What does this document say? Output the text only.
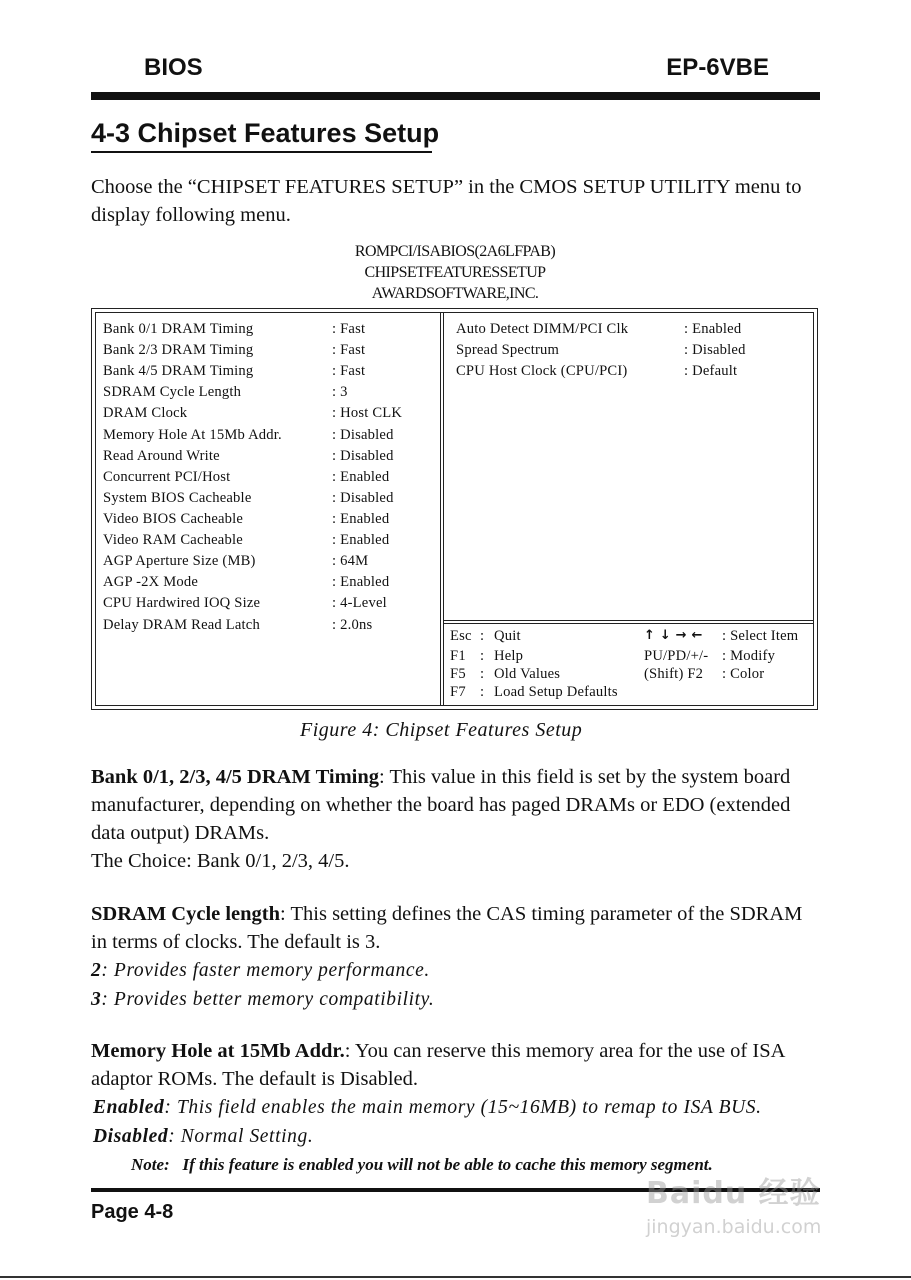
BIOS	EP-6VBE
4-3 Chipset Features Setup
Choose the “CHIPSET FEATURES SETUP” in the CMOS SETUP UTILITY menu to display following menu.
ROMPCI/ISABIOS(2A6LFPAB)
CHIPSETFEATURESSETUP
AWARDSOFTWARE,INC.
Bank 0/1 DRAM Timing	: Fast
Bank 2/3 DRAM Timing	: Fast
Bank 4/5 DRAM Timing	: Fast
SDRAM Cycle Length	: 3
DRAM Clock	: Host CLK
Memory Hole At 15Mb Addr.	: Disabled
Read Around Write	: Disabled
Concurrent PCI/Host	: Enabled
System BIOS Cacheable	: Disabled
Video BIOS Cacheable	: Enabled
Video RAM Cacheable	: Enabled
AGP Aperture Size (MB)	: 64M
AGP -2X Mode	: Enabled
CPU Hardwired IOQ Size	: 4-Level
Delay DRAM Read Latch	: 2.0ns
Auto Detect DIMM/PCI Clk	: Enabled
Spread Spectrum	: Disabled
CPU Host Clock (CPU/PCI)	: Default
Esc : Quit	↑ ↓ → ← : Select Item
F1 : Help	PU/PD/+/- : Modify
F5 : Old Values	(Shift) F2 : Color
F7 : Load Setup Defaults
Figure 4: Chipset Features Setup
Bank 0/1, 2/3, 4/5 DRAM Timing: This value in this field is set by the system board manufacturer, depending on whether the board has paged DRAMs or EDO (extended data output) DRAMs.
The Choice: Bank 0/1, 2/3, 4/5.
SDRAM Cycle length: This setting defines the CAS timing parameter of the SDRAM in terms of clocks. The default is 3.
2: Provides faster memory performance.
3: Provides better memory compatibility.
Memory Hole at 15Mb Addr.: You can reserve this memory area for the use of ISA adaptor ROMs. The default is Disabled.
Enabled: This field enables the main memory (15~16MB) to remap to ISA BUS.
Disabled: Normal Setting.

Note: If this feature is enabled you will not be able to cache this memory segment.
Page 4-8
Baidu 经验
jingyan.baidu.com
